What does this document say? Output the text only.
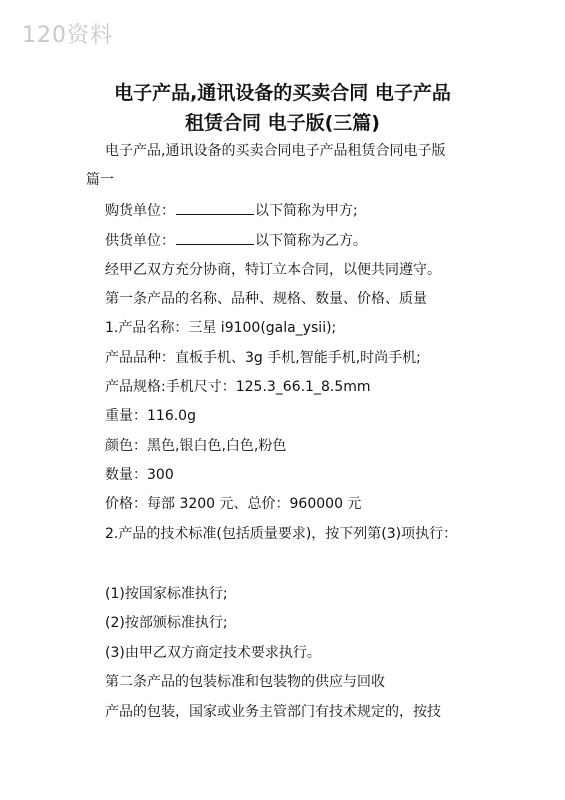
120资料
电子产品,通讯设备的买卖合同 电子产品
租赁合同 电子版(三篇)
电子产品,通讯设备的买卖合同电子产品租赁合同电子版
篇一
购货单位：	以下简称为甲方;
供货单位：	以下简称为乙方。
经甲乙双方充分协商，特订立本合同，以便共同遵守。
第一条产品的名称、品种、规格、数量、价格、质量
1.产品名称：三星 i9100(gala_ysii);
产品品种：直板手机、3g 手机,智能手机,时尚手机;
产品规格:手机尺寸：125.3_66.1_8.5mm
重量：116.0g
颜色：黑色,银白色,白色,粉色
数量：300
价格：每部 3200 元、总价：960000 元
2.产品的技术标准(包括质量要求)，按下列第(3)项执行：
(1)按国家标准执行;
(2)按部颁标准执行;
(3)由甲乙双方商定技术要求执行。
第二条产品的包装标准和包装物的供应与回收
产品的包装，国家或业务主管部门有技术规定的，按技
